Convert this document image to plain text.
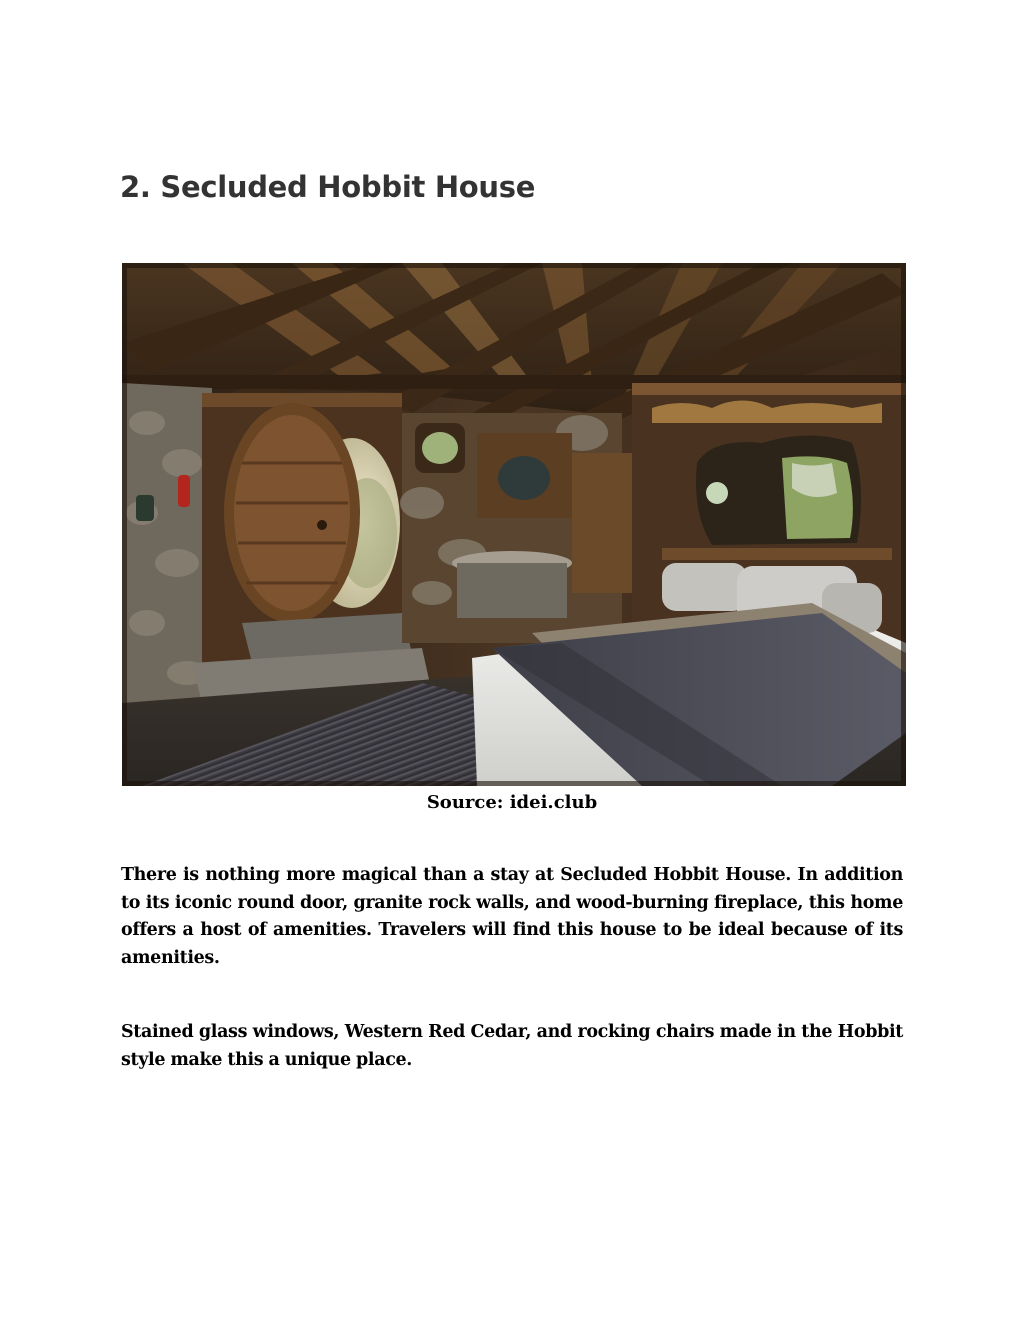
2. Secluded Hobbit House

Source: idei.club

There is nothing more magical than a stay at Secluded Hobbit House. In addition to its iconic round door, granite rock walls, and wood-burning fireplace, this home offers a host of amenities. Travelers will find this house to be ideal because of its amenities.

Stained glass windows, Western Red Cedar, and rocking chairs made in the Hobbit style make this a unique place.
